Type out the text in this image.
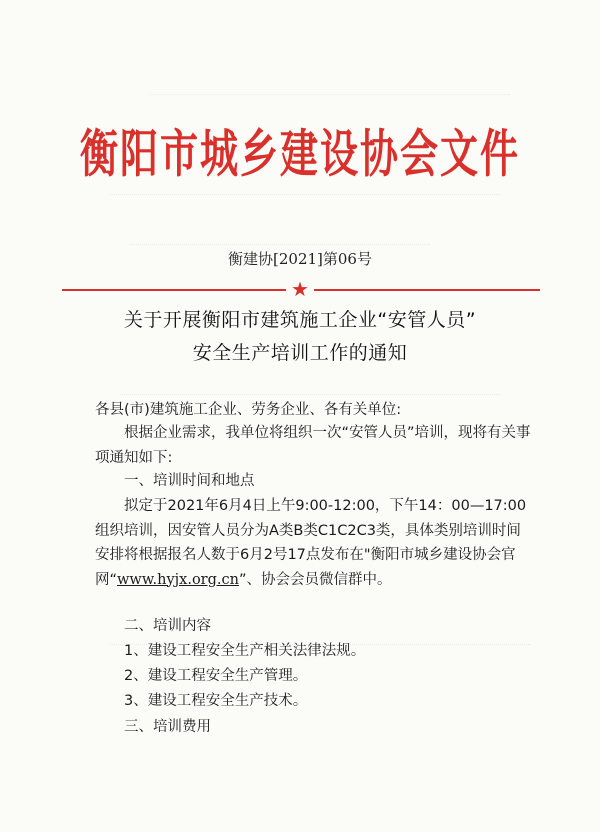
衡阳市城乡建设协会文件
衡建协[2021]第06号
★
关于开展衡阳市建筑施工企业“安管人员”
安全生产培训工作的通知
各县(市)建筑施工企业、劳务企业、各有关单位:
根据企业需求，我单位将组织一次“安管人员”培训，现将有关事项通知如下:
一、培训时间和地点
拟定于2021年6月4日上午9:00-12:00，下午14：00—17:00组织培训，因安管人员分为A类B类C1C2C3类，具体类别培训时间安排将根据报名人数于6月2号17点发布在"衡阳市城乡建设协会官网“www.hyjx.org.cn”、协会会员微信群中。
二、培训内容
1、建设工程安全生产相关法律法规。
2、建设工程安全生产管理。
3、建设工程安全生产技术。
三、培训费用
